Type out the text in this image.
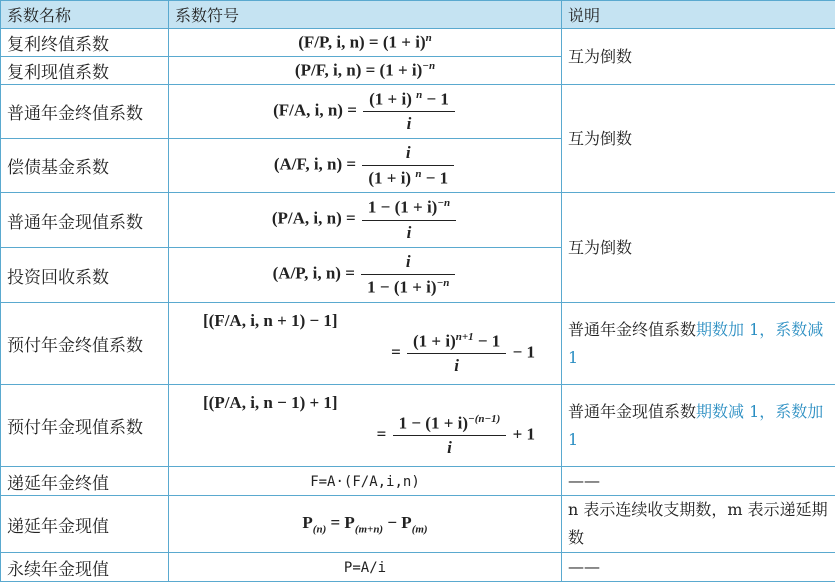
系数名称	系数符号	说明
复利终值系数	(F/P, i, $n) = (1 + i)^n$	互为倒数
复利现值系数	(P/F, i, $n) = (1 + i)^{-n}$
普通年金终值系数	(F/A, i, $n) = \frac{(1 + i) ^n - 1}{i}$	互为倒数
偿债基金系数	(A/F, i, $n) = \frac{i}{(1 + i) ^n - 1}$

普通年金现值系数	(P/A, i, $n) = \frac{1 - (1 + i)^{-n}}{i}$	互为倒数
投资回收系数	(A/P, i, $n) = \frac{i}{1 - (1 + i)^{-n}}$

预付年金终值系数	[(F/A, i, n + 1) − 1]
= $\frac{(1 + i)^{n+1} - 1}{i} - 1$	普通年金终值系数期数加 1，系数减 1
预付年金现值系数	[(P/A, i, n − 1) + 1]
= $\frac{1 - (1 + i)^{-(n-1)}}{i} + 1$	普通年金现值系数期数减 1，系数加 1
递延年金终值	F=A·(F/A,i,n)	——
递延年金现值	$P_{(n)} = P_{(m+n)} - P_{(m)}$	n 表示连续收支期数，m 表示递延期数
永续年金现值	P=A/i	——
